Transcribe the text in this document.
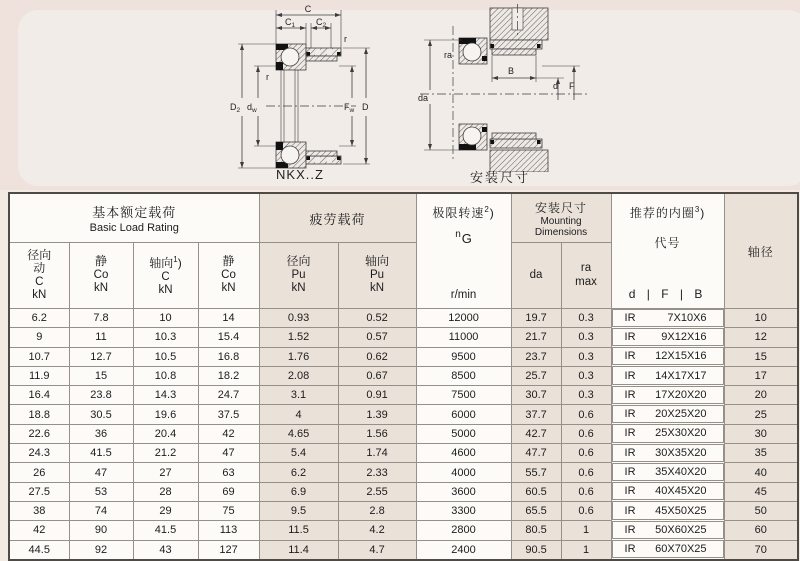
C
$C_1$ $C_2$
$D_2$ $d_w$	$F_w$ D
r
r
NKX..Z
da
ra
B
d F
安装尺寸
基本额定载荷
Basic Load Rating

疲劳载荷	极限转速$^2$)
$^n$G
r/min

安装尺寸
Mounting
Dimensions

推荐的内圈$^3$)
代号
d | F | B

轴径

径向
动
C
kN

静
Co
kN

轴向$^1$)
C
kN

静
Co
kN

径向
Pu
kN

轴向
Pu
kN

da

ra
max

6.2	7.8	10	14	0.93	0.52	12000	19.7	0.3		IR	7X10X6	10
9	11	10.3	15.4	1.52	0.57	11000	21.7	0.3		IR 9X12X16	12
10.7	12.7	10.5	16.8	1.76	0.62	9500	23.7	0.3		IR 12X15X16	15
11.9	15	10.8	18.2	2.08	0.67	8500	25.7	0.3		IR 14X17X17	17
16.4	23.8	14.3	24.7	3.1	0.91	7500	30.7	0.3		IR 17X20X20	20
18.8	30.5	19.6	37.5	4	1.39	6000	37.7	0.6		IR 20X25X20	25
22.6	36	20.4	42	4.65	1.56	5000	42.7	0.6		IR 25X30X20	30
24.3	41.5	21.2	47	5.4	1.74	4600	47.7	0.6		IR 30X35X20	35
26	47	27	63	6.2	2.33	4000	55.7	0.6		IR 35X40X20	40
27.5	53	28	69	6.9	2.55	3600	60.5	0.6		IR 40X45X20	45
38	74	29	75	9.5	2.8	3300	65.5	0.6		IR 45X50X25	50
42	90	41.5	113	11.5	4.2	2800	80.5	1		IR 50X60X25	60
44.5	92	43	127	11.4	4.7	2400	90.5	1		IR 60X70X25	70
